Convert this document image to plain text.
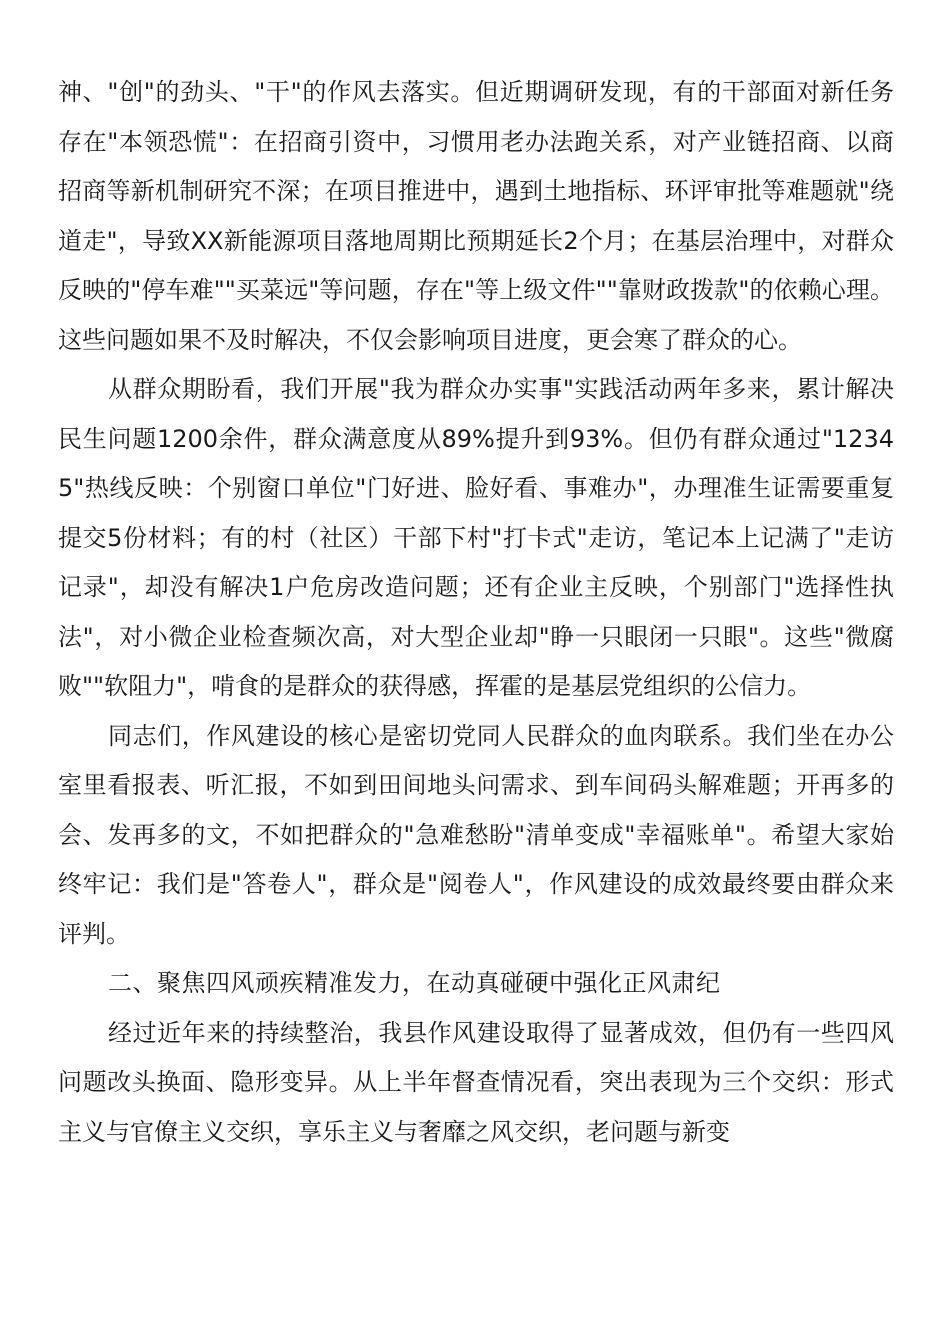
神、"创"的劲头、"干"的作风去落实。但近期调研发现，有的干部面对新任务存在"本领恐慌"：在招商引资中，习惯用老办法跑关系，对产业链招商、以商招商等新机制研究不深；在项目推进中，遇到土地指标、环评审批等难题就"绕道走"，导致XX新能源项目落地周期比预期延长2个月；在基层治理中，对群众反映的"停车难""买菜远"等问题，存在"等上级文件""靠财政拨款"的依赖心理。这些问题如果不及时解决，不仅会影响项目进度，更会寒了群众的心。

从群众期盼看，我们开展"我为群众办实事"实践活动两年多来，累计解决民生问题1200余件，群众满意度从89%提升到93%。但仍有群众通过"12345"热线反映：个别窗口单位"门好进、脸好看、事难办"，办理准生证需要重复提交5份材料；有的村（社区）干部下村"打卡式"走访，笔记本上记满了"走访记录"，却没有解决1户危房改造问题；还有企业主反映，个别部门"选择性执法"，对小微企业检查频次高，对大型企业却"睁一只眼闭一只眼"。这些"微腐败""软阻力"，啃食的是群众的获得感，挥霍的是基层党组织的公信力。

同志们，作风建设的核心是密切党同人民群众的血肉联系。我们坐在办公室里看报表、听汇报，不如到田间地头问需求、到车间码头解难题；开再多的会、发再多的文，不如把群众的"急难愁盼"清单变成"幸福账单"。希望大家始终牢记：我们是"答卷人"，群众是"阅卷人"，作风建设的成效最终要由群众来评判。

二、聚焦四风顽疾精准发力，在动真碰硬中强化正风肃纪

经过近年来的持续整治，我县作风建设取得了显著成效，但仍有一些四风问题改头换面、隐形变异。从上半年督查情况看，突出表现为三个交织：形式主义与官僚主义交织，享乐主义与奢靡之风交织，老问题与新变
